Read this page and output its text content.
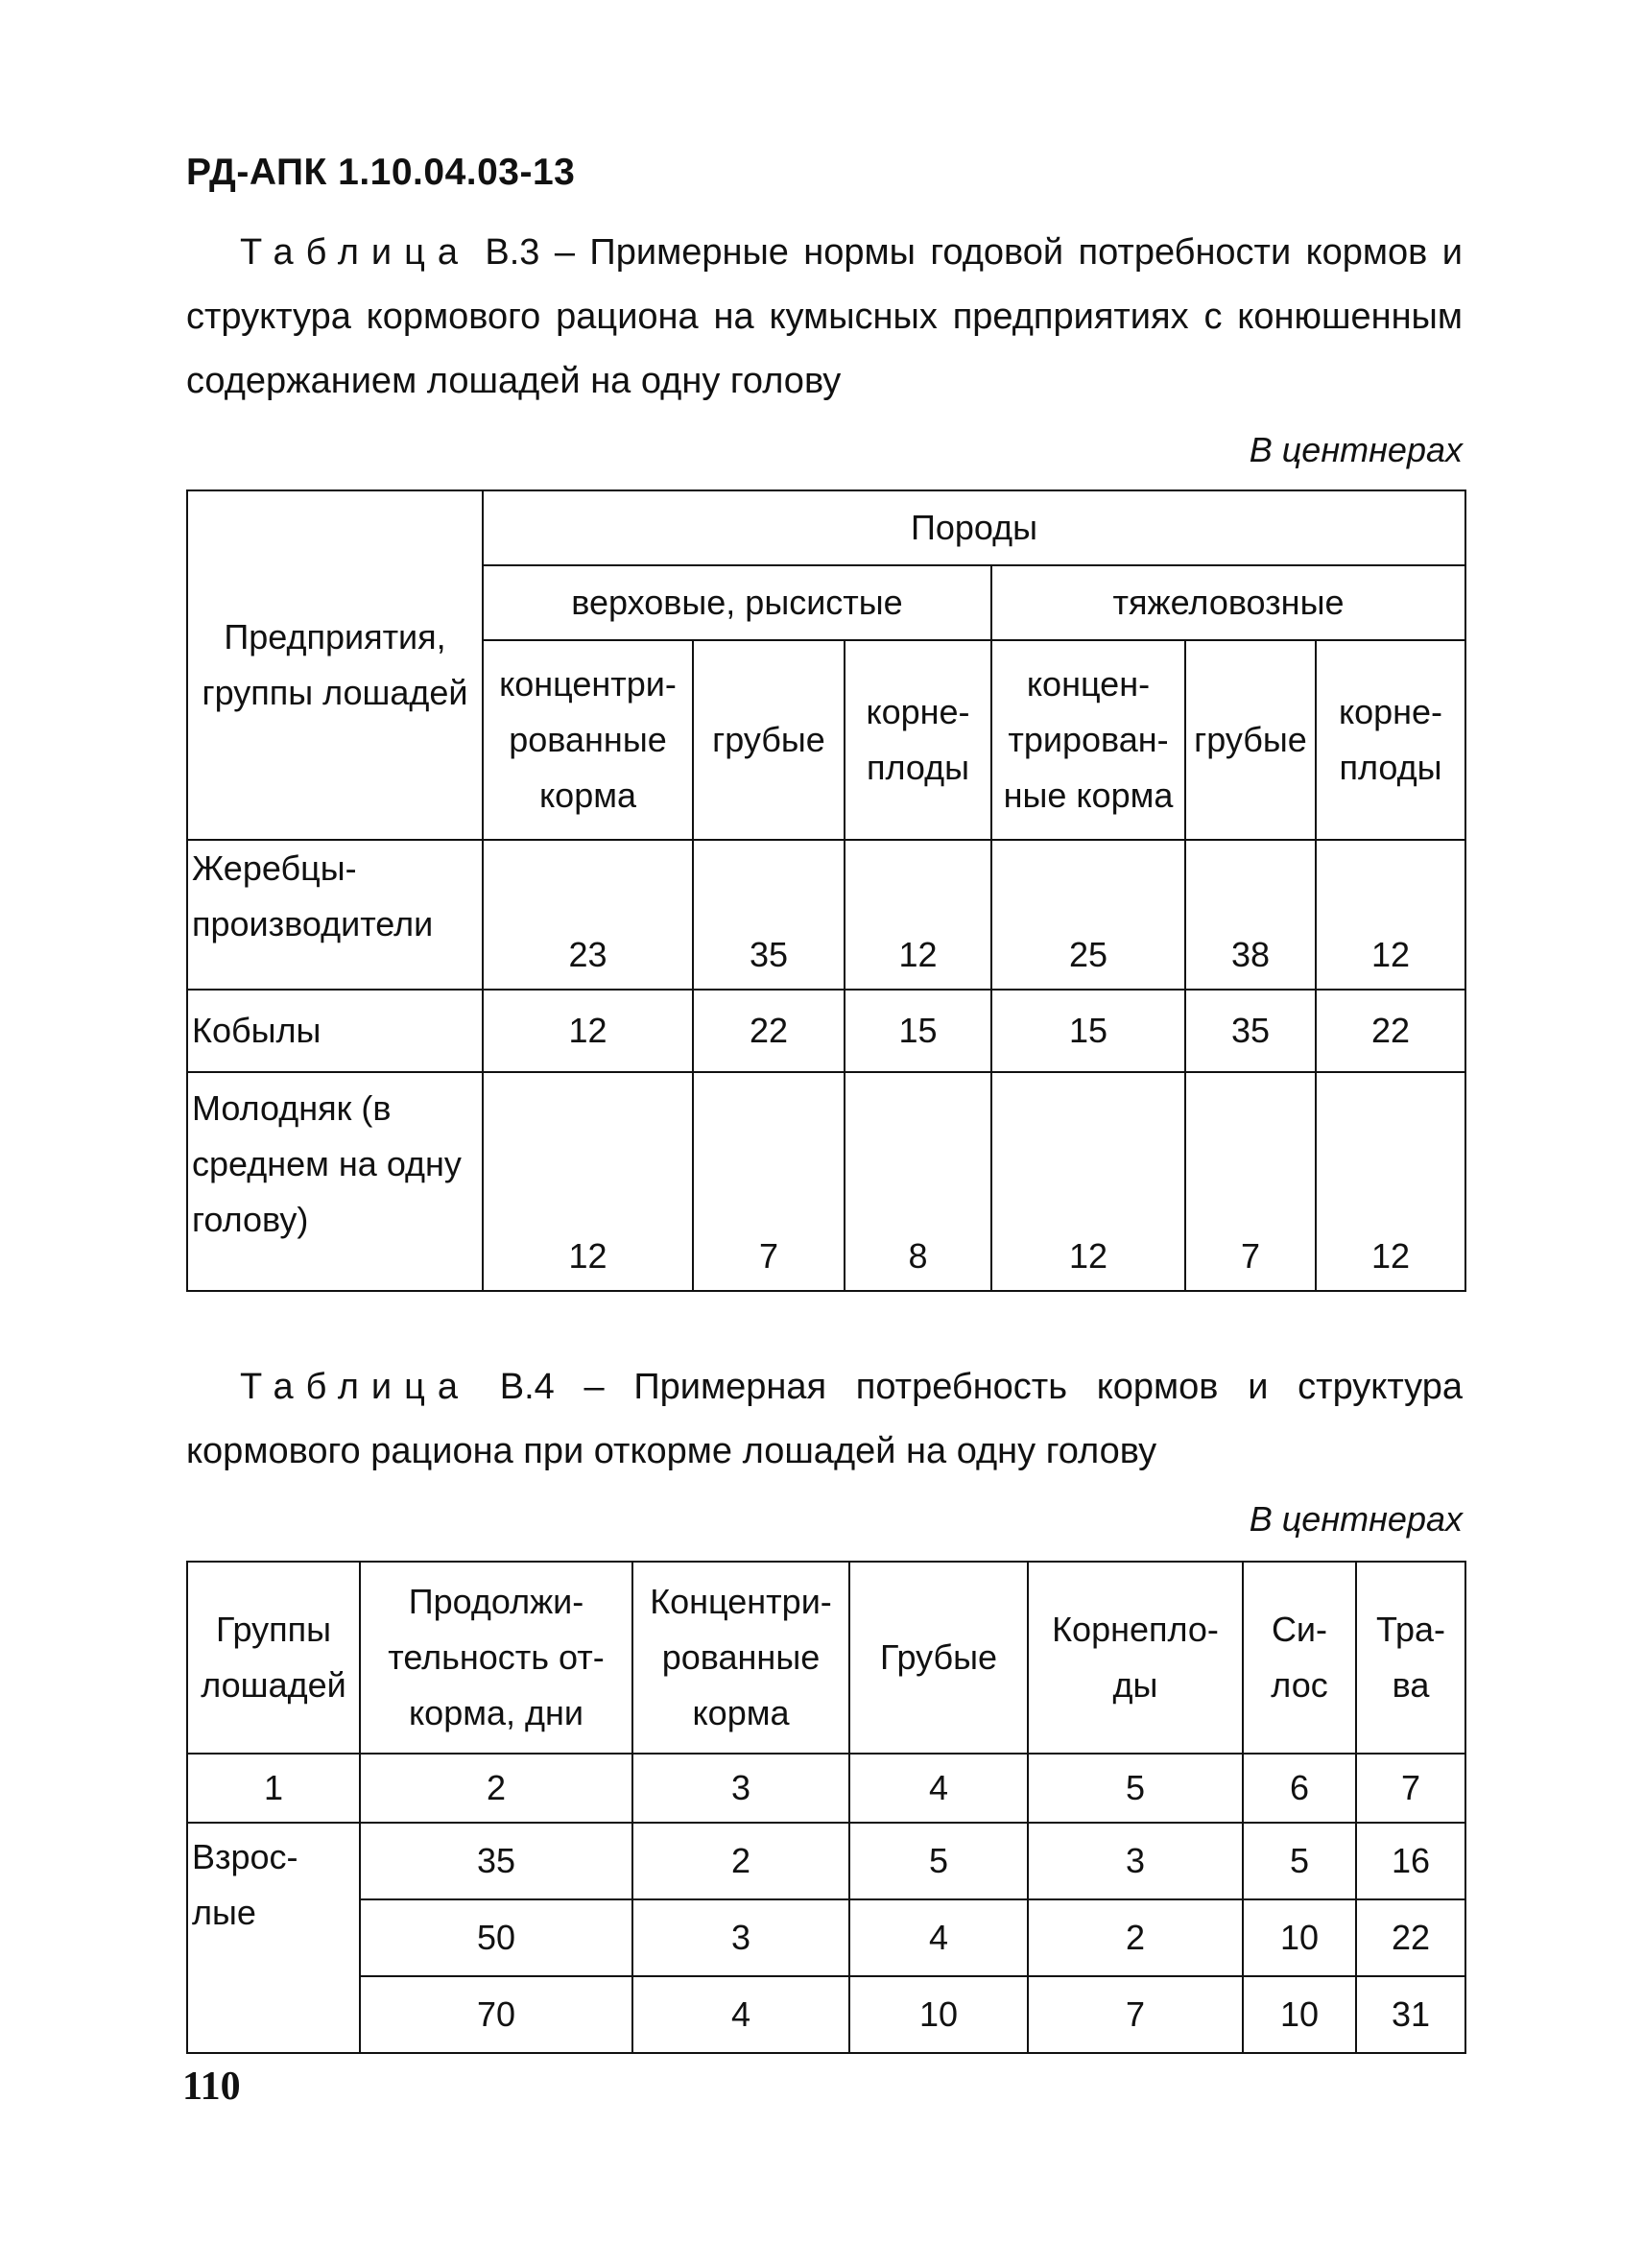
РД-АПК 1.10.04.03-13
Таблица В.3 – Примерные нормы годовой потребности кормов и структура кормового рациона на кумысных предприятиях с конюшенным содержанием лошадей на одну голову
В центнерах
Предприятия, группы лошадей	Породы					
	верховые, рысистые			тяжеловозные		
	концентри-рованные корма	грубые	корне-плоды	концен-трирован-ные корма	грубые	корне-плоды
Жеребцы-производители	23	35	12	25	38	12
Кобылы	12	22	15	15	35	22
Молодняк (в среднем на одну голову)	12	7	8	12	7	12
Таблица В.4 – Примерная потребность кормов и структура кормового рациона при откорме лошадей на одну голову
В центнерах
Группы лошадей	Продолжи-тельность от-корма, дни	Концентри-рованные корма	Грубые	Корнепло-ды	Си-лос	Тра-ва
1	2	3	4	5	6	7
Взрос-лые	35	2	5	3	5	16
	50	3	4	2	10	22
	70	4	10	7	10	31
110
